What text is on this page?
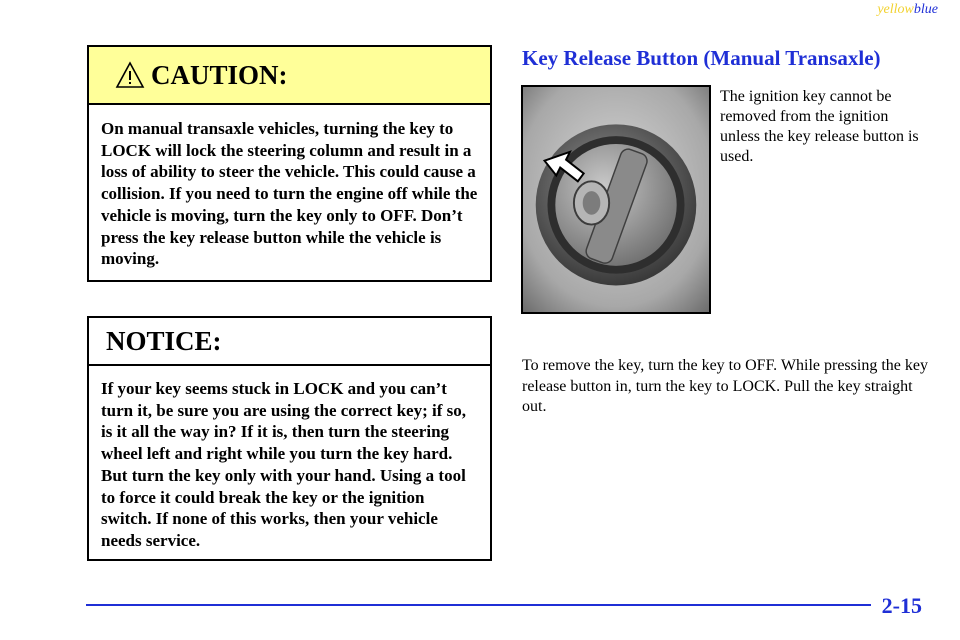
yellowblue
CAUTION:
On manual transaxle vehicles, turning the key to LOCK will lock the steering column and result in a loss of ability to steer the vehicle. This could cause a collision. If you need to turn the engine off while the vehicle is moving, turn the key only to OFF. Don’t press the key release button while the vehicle is moving.
NOTICE:
If your key seems stuck in LOCK and you can’t turn it, be sure you are using the correct key; if so, is it all the way in? If it is, then turn the steering wheel left and right while you turn the key hard. But turn the key only with your hand. Using a tool to force it could break the key or the ignition switch. If none of this works, then your vehicle needs service.
Key Release Button (Manual Transaxle)
The ignition key cannot be removed from the ignition unless the key release button is used.
To remove the key, turn the key to OFF. While pressing the key release button in, turn the key to LOCK. Pull the key straight out.
2-15
